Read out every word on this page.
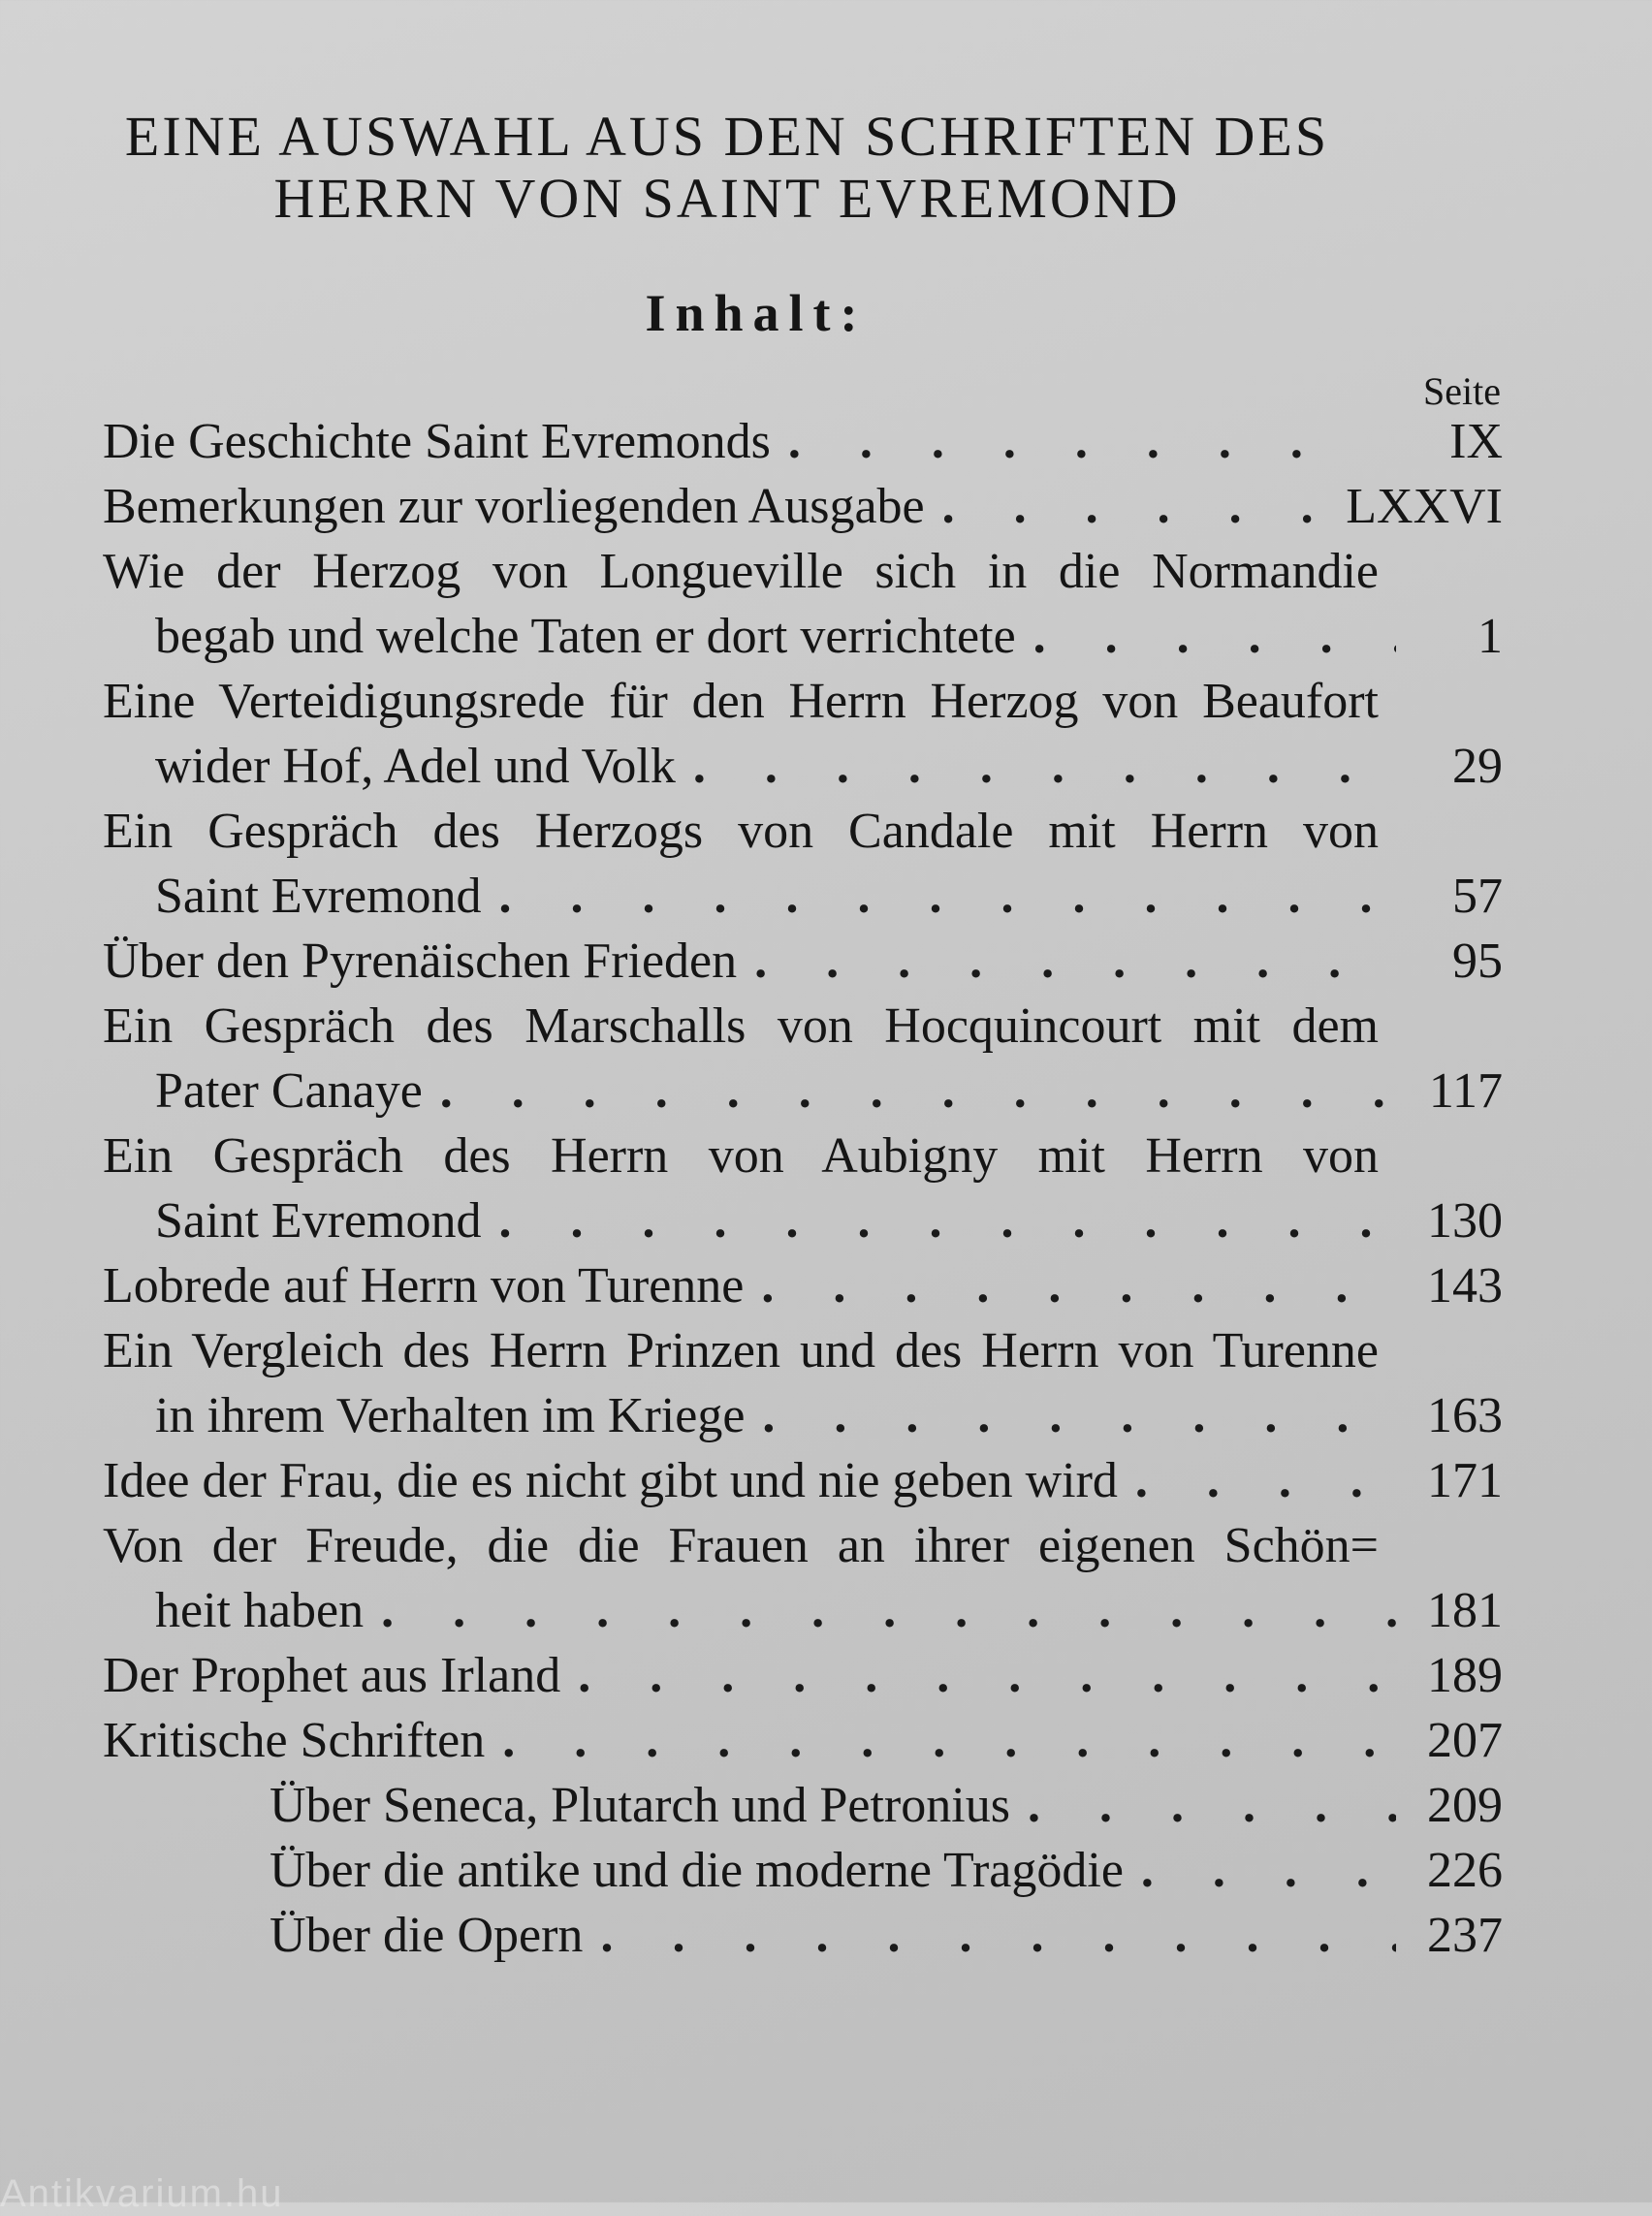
EINE AUSWAHL AUS DEN SCHRIFTEN DES
HERRN VON SAINT EVREMOND
Inhalt:

Seite

Die Geschichte Saint Evremonds . . .	IX
Bemerkungen zur vorliegenden Ausgabe . . .	LXXVI
Wie der Herzog von Longueville sich in die Normandie
begab und welche Taten er dort verrichtete . . .	1
Eine Verteidigungsrede für den Herrn Herzog von Beaufort
wider Hof, Adel und Volk . . .	29
Ein Gespräch des Herzogs von Candale mit Herrn von
Saint Evremond . . .	57
Über den Pyrenäischen Frieden . . .	95
Ein Gespräch des Marschalls von Hocquincourt mit dem
Pater Canaye . . .	117
Ein Gespräch des Herrn von Aubigny mit Herrn von
Saint Evremond . . .	130
Lobrede auf Herrn von Turenne . . .	143
Ein Vergleich des Herrn Prinzen und des Herrn von Turenne
in ihrem Verhalten im Kriege . . .	163
Idee der Frau, die es nicht gibt und nie geben wird . . .	171
Von der Freude, die die Frauen an ihrer eigenen Schön=
heit haben . . .	181
Der Prophet aus Irland . . .	189
Kritische Schriften . . .	207
Über Seneca, Plutarch und Petronius . . .	209
Über die antike und die moderne Tragödie . . .	226
Über die Opern . . .	237

Antikvarium.hu
